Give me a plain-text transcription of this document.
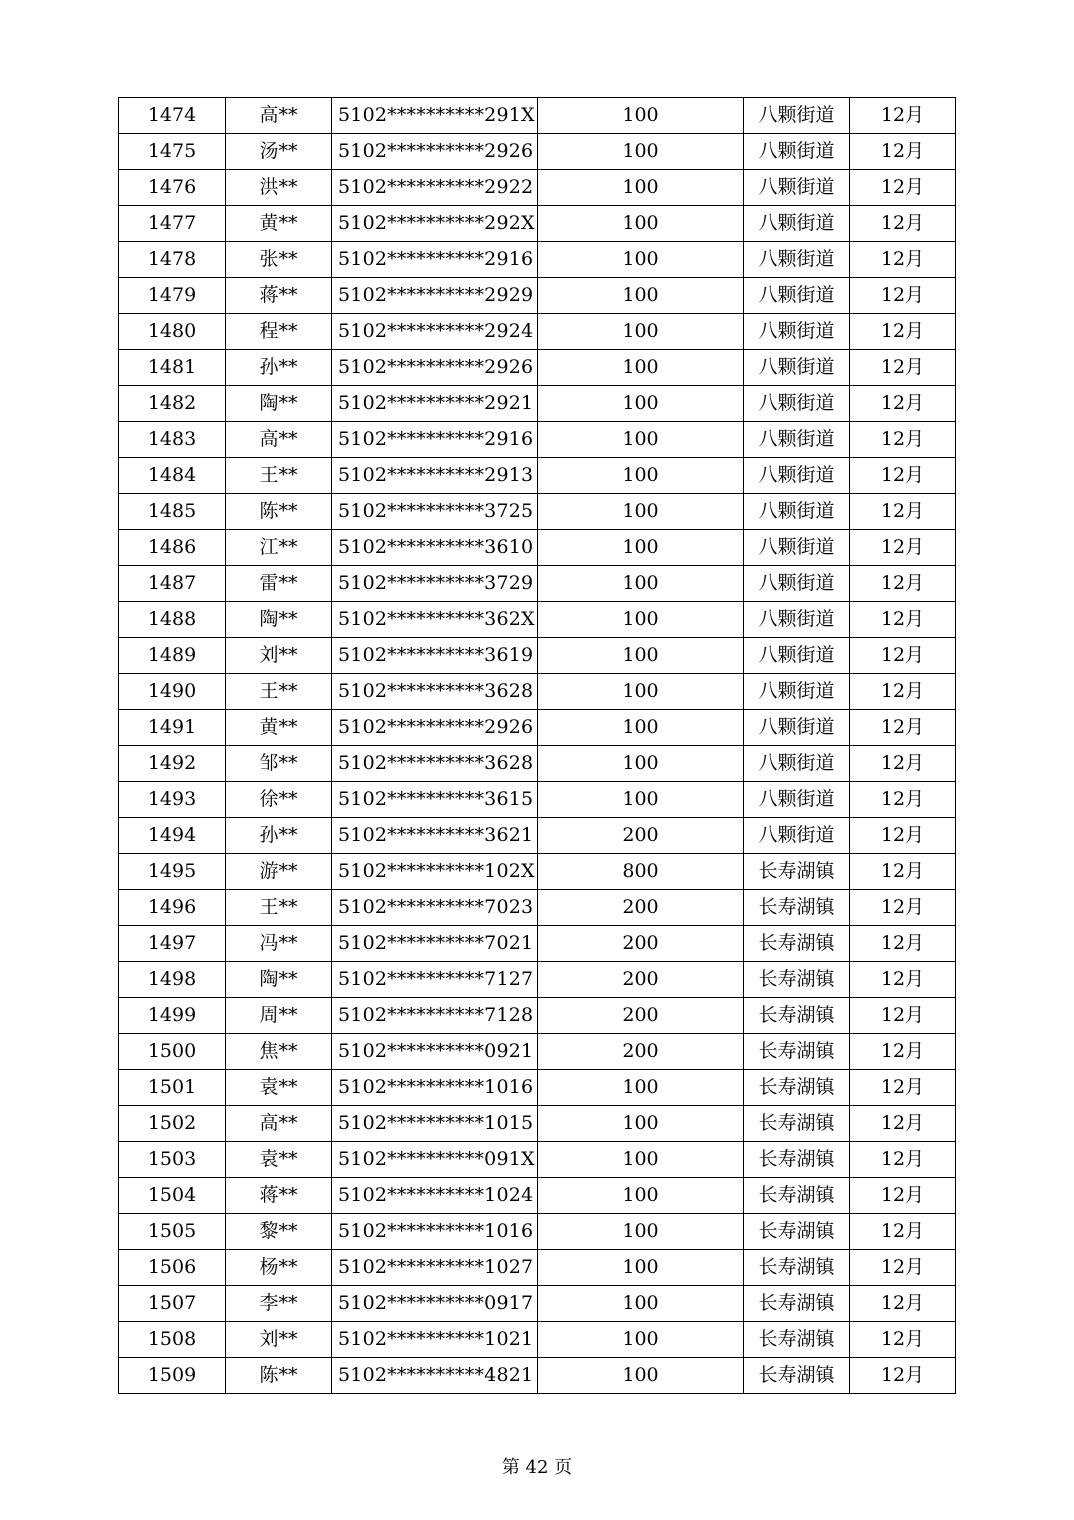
1474	高**	5102**********291X	100	八颗街道	12月
1475	汤**	5102**********2926	100	八颗街道	12月
1476	洪**	5102**********2922	100	八颗街道	12月
1477	黄**	5102**********292X	100	八颗街道	12月
1478	张**	5102**********2916	100	八颗街道	12月
1479	蒋**	5102**********2929	100	八颗街道	12月
1480	程**	5102**********2924	100	八颗街道	12月
1481	孙**	5102**********2926	100	八颗街道	12月
1482	陶**	5102**********2921	100	八颗街道	12月
1483	高**	5102**********2916	100	八颗街道	12月
1484	王**	5102**********2913	100	八颗街道	12月
1485	陈**	5102**********3725	100	八颗街道	12月
1486	江**	5102**********3610	100	八颗街道	12月
1487	雷**	5102**********3729	100	八颗街道	12月
1488	陶**	5102**********362X	100	八颗街道	12月
1489	刘**	5102**********3619	100	八颗街道	12月
1490	王**	5102**********3628	100	八颗街道	12月
1491	黄**	5102**********2926	100	八颗街道	12月
1492	邹**	5102**********3628	100	八颗街道	12月
1493	徐**	5102**********3615	100	八颗街道	12月
1494	孙**	5102**********3621	200	八颗街道	12月
1495	游**	5102**********102X	800	长寿湖镇	12月
1496	王**	5102**********7023	200	长寿湖镇	12月
1497	冯**	5102**********7021	200	长寿湖镇	12月
1498	陶**	5102**********7127	200	长寿湖镇	12月
1499	周**	5102**********7128	200	长寿湖镇	12月
1500	焦**	5102**********0921	200	长寿湖镇	12月
1501	袁**	5102**********1016	100	长寿湖镇	12月
1502	高**	5102**********1015	100	长寿湖镇	12月
1503	袁**	5102**********091X	100	长寿湖镇	12月
1504	蒋**	5102**********1024	100	长寿湖镇	12月
1505	黎**	5102**********1016	100	长寿湖镇	12月
1506	杨**	5102**********1027	100	长寿湖镇	12月
1507	李**	5102**********0917	100	长寿湖镇	12月
1508	刘**	5102**********1021	100	长寿湖镇	12月
1509	陈**	5102**********4821	100	长寿湖镇	12月
第 42 页
